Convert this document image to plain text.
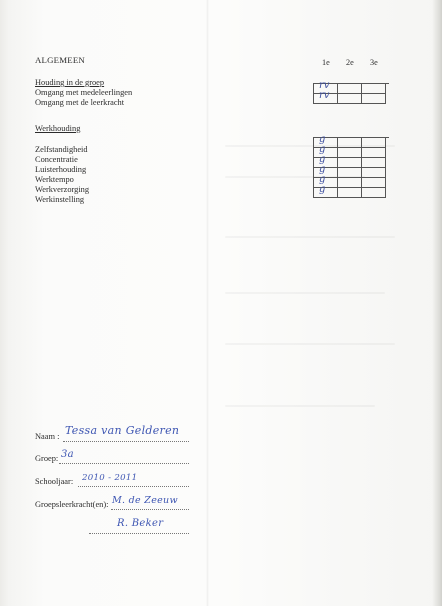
ALGEMEEN	1e 2e 3e
Houding in de groep
Omgang met medeleerlingen
Omgang met de leerkracht
rv
rv
Werkhouding
Zelfstandigheid
Concentratie
Luisterhouding
Werktempo
Werkverzorging
Werkinstelling
g
g
g
g
g
g
Naam : Tessa van Gelderen
Groep: 3a
Schooljaar: 2010 - 2011
Groepsleerkracht(en): M. de Zeeuw
R. Beker
